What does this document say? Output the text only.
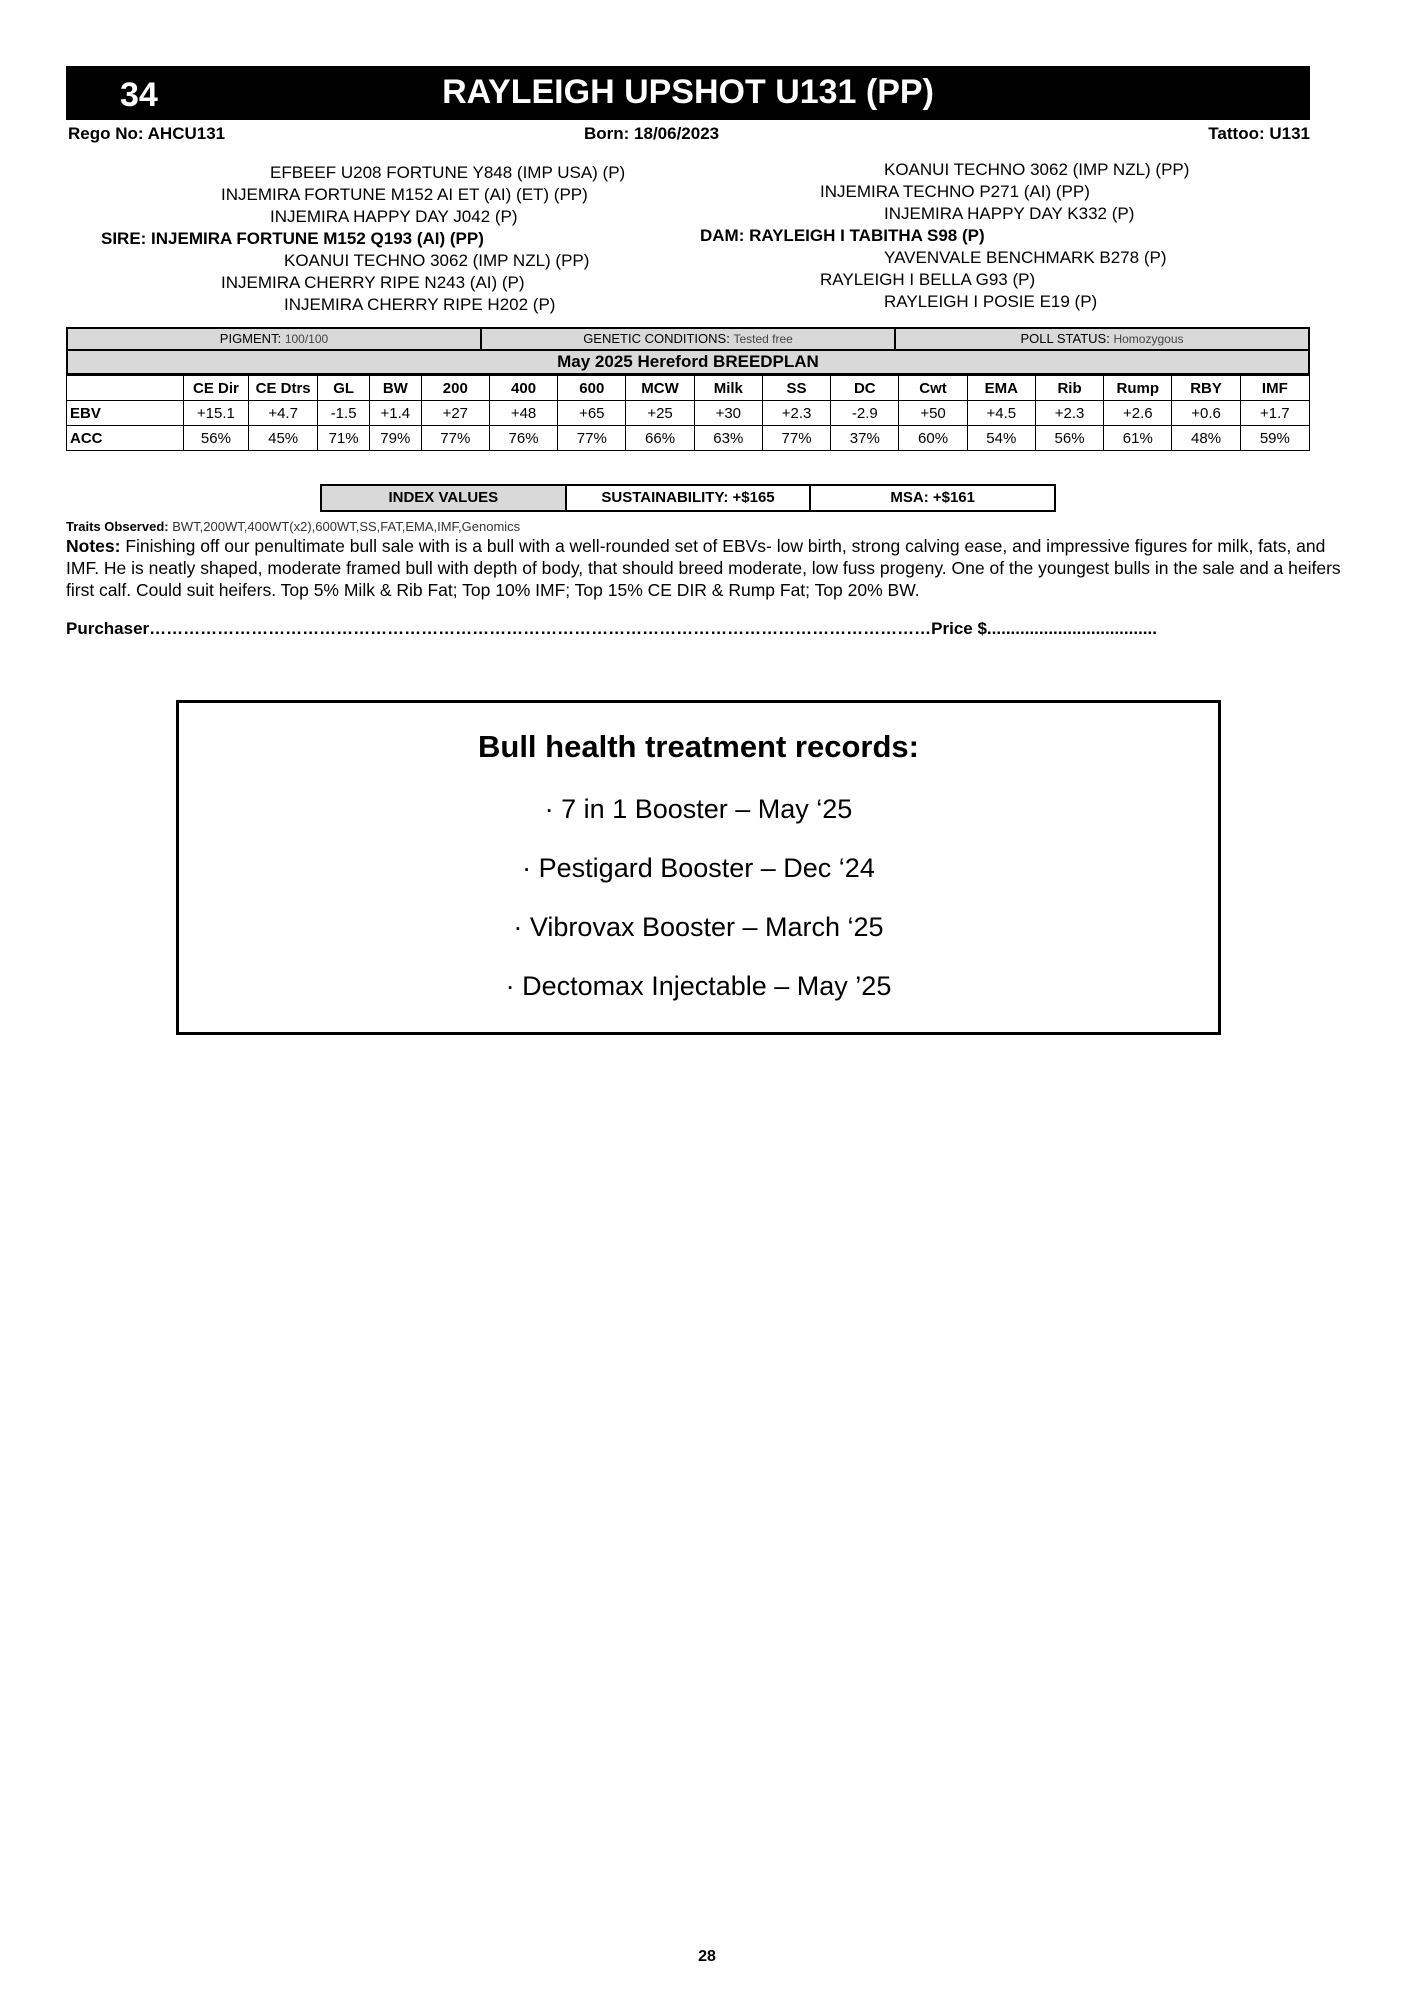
34	RAYLEIGH UPSHOT U131 (PP)
Rego No: AHCU131	Born: 18/06/2023	Tattoo: U131
EFBEEF U208 FORTUNE Y848 (IMP USA) (P)
INJEMIRA FORTUNE M152 AI ET (AI) (ET) (PP)
INJEMIRA HAPPY DAY J042 (P)
SIRE: INJEMIRA FORTUNE M152 Q193 (AI) (PP)
KOANUI TECHNO 3062 (IMP NZL) (PP)
INJEMIRA CHERRY RIPE N243 (AI) (P)
INJEMIRA CHERRY RIPE H202 (P)
KOANUI TECHNO 3062 (IMP NZL) (PP)
INJEMIRA TECHNO P271 (AI) (PP)
INJEMIRA HAPPY DAY K332 (P)
DAM: RAYLEIGH I TABITHA S98 (P)
YAVENVALE BENCHMARK B278 (P)
RAYLEIGH I BELLA G93 (P)
RAYLEIGH I POSIE E19 (P)
PIGMENT: 100/100	GENETIC CONDITIONS: Tested free	POLL STATUS: Homozygous
May 2025 Hereford BREEDPLAN
	CE Dir	CE Dtrs	GL	BW	200	400	600	MCW	Milk	SS	DC	Cwt	EMA	Rib	Rump	RBY	IMF
EBV	+15.1	+4.7	-1.5	+1.4	+27	+48	+65	+25	+30	+2.3	-2.9	+50	+4.5	+2.3	+2.6	+0.6	+1.7
ACC	56%	45%	71%	79%	77%	76%	77%	66%	63%	77%	37%	60%	54%	56%	61%	48%	59%
INDEX VALUES	SUSTAINABILITY: +$165	MSA: +$161
Traits Observed: BWT,200WT,400WT(x2),600WT,SS,FAT,EMA,IMF,Genomics
Notes: Finishing off our penultimate bull sale with is a bull with a well-rounded set of EBVs- low birth, strong calving ease, and impressive figures for milk, fats, and IMF. He is neatly shaped, moderate framed bull with depth of body, that should breed moderate, low fuss progeny. One of the youngest bulls in the sale and a heifers first calf. Could suit heifers. Top 5% Milk & Rib Fat; Top 10% IMF; Top 15% CE DIR & Rump Fat; Top 20% BW.
Purchaser…………………………………………………………………………………………………………………………Price $....................................
Bull health treatment records:
· 7 in 1 Booster – May ‘25
· Pestigard Booster – Dec ‘24
· Vibrovax Booster – March ‘25
· Dectomax Injectable – May ’25
28
